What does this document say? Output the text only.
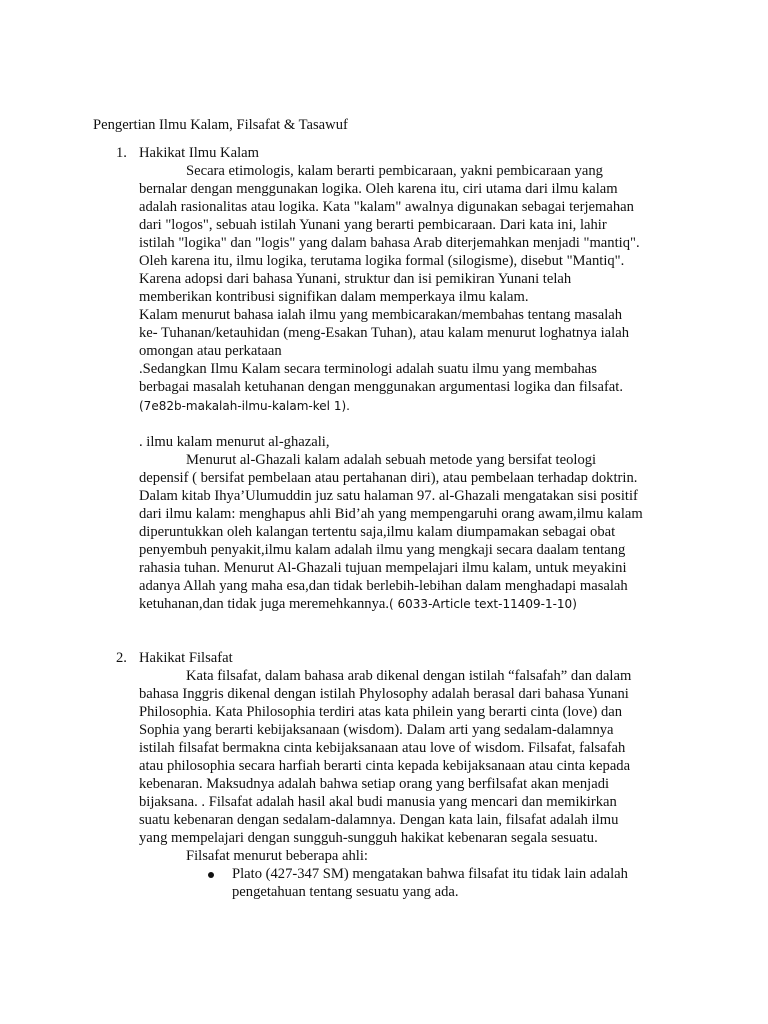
Pengertian Ilmu Kalam, Filsafat & Tasawuf
1. Hakikat Ilmu Kalam
Secara etimologis, kalam berarti pembicaraan, yakni pembicaraan yang
bernalar dengan menggunakan logika. Oleh karena itu, ciri utama dari ilmu kalam
adalah rasionalitas atau logika. Kata "kalam" awalnya digunakan sebagai terjemahan
dari "logos", sebuah istilah Yunani yang berarti pembicaraan. Dari kata ini, lahir
istilah "logika" dan "logis" yang dalam bahasa Arab diterjemahkan menjadi "mantiq".
Oleh karena itu, ilmu logika, terutama logika formal (silogisme), disebut "Mantiq".
Karena adopsi dari bahasa Yunani, struktur dan isi pemikiran Yunani telah
memberikan kontribusi signifikan dalam memperkaya ilmu kalam.
Kalam menurut bahasa ialah ilmu yang membicarakan/membahas tentang masalah
ke- Tuhanan/ketauhidan (meng-Esakan Tuhan), atau kalam menurut loghatnya ialah
omongan atau perkataan
.Sedangkan Ilmu Kalam secara terminologi adalah suatu ilmu yang membahas
berbagai masalah ketuhanan dengan menggunakan argumentasi logika dan filsafat.
(7e82b-makalah-ilmu-kalam-kel 1).
. ilmu kalam menurut al-ghazali,
Menurut al-Ghazali kalam adalah sebuah metode yang bersifat teologi
depensif ( bersifat pembelaan atau pertahanan diri), atau pembelaan terhadap doktrin.
Dalam kitab Ihya’Ulumuddin juz satu halaman 97. al-Ghazali mengatakan sisi positif
dari ilmu kalam: menghapus ahli Bid’ah yang mempengaruhi orang awam,ilmu kalam
diperuntukkan oleh kalangan tertentu saja,ilmu kalam diumpamakan sebagai obat
penyembuh penyakit,ilmu kalam adalah ilmu yang mengkaji secara daalam tentang
rahasia tuhan. Menurut Al-Ghazali tujuan mempelajari ilmu kalam, untuk meyakini
adanya Allah yang maha esa,dan tidak berlebih-lebihan dalam menghadapi masalah
ketuhanan,dan tidak juga meremehkannya.( 6033-Article text-11409-1-10)
2. Hakikat Filsafat
Kata filsafat, dalam bahasa arab dikenal dengan istilah “falsafah” dan dalam
bahasa Inggris dikenal dengan istilah Phylosophy adalah berasal dari bahasa Yunani
Philosophia. Kata Philosophia terdiri atas kata philein yang berarti cinta (love) dan
Sophia yang berarti kebijaksanaan (wisdom). Dalam arti yang sedalam-dalamnya
istilah filsafat bermakna cinta kebijaksanaan atau love of wisdom. Filsafat, falsafah
atau philosophia secara harfiah berarti cinta kepada kebijaksanaan atau cinta kepada
kebenaran. Maksudnya adalah bahwa setiap orang yang berfilsafat akan menjadi
bijaksana. . Filsafat adalah hasil akal budi manusia yang mencari dan memikirkan
suatu kebenaran dengan sedalam-dalamnya. Dengan kata lain, filsafat adalah ilmu
yang mempelajari dengan sungguh-sungguh hakikat kebenaran segala sesuatu.
Filsafat menurut beberapa ahli:
Plato (427-347 SM) mengatakan bahwa filsafat itu tidak lain adalah
pengetahuan tentang sesuatu yang ada.
